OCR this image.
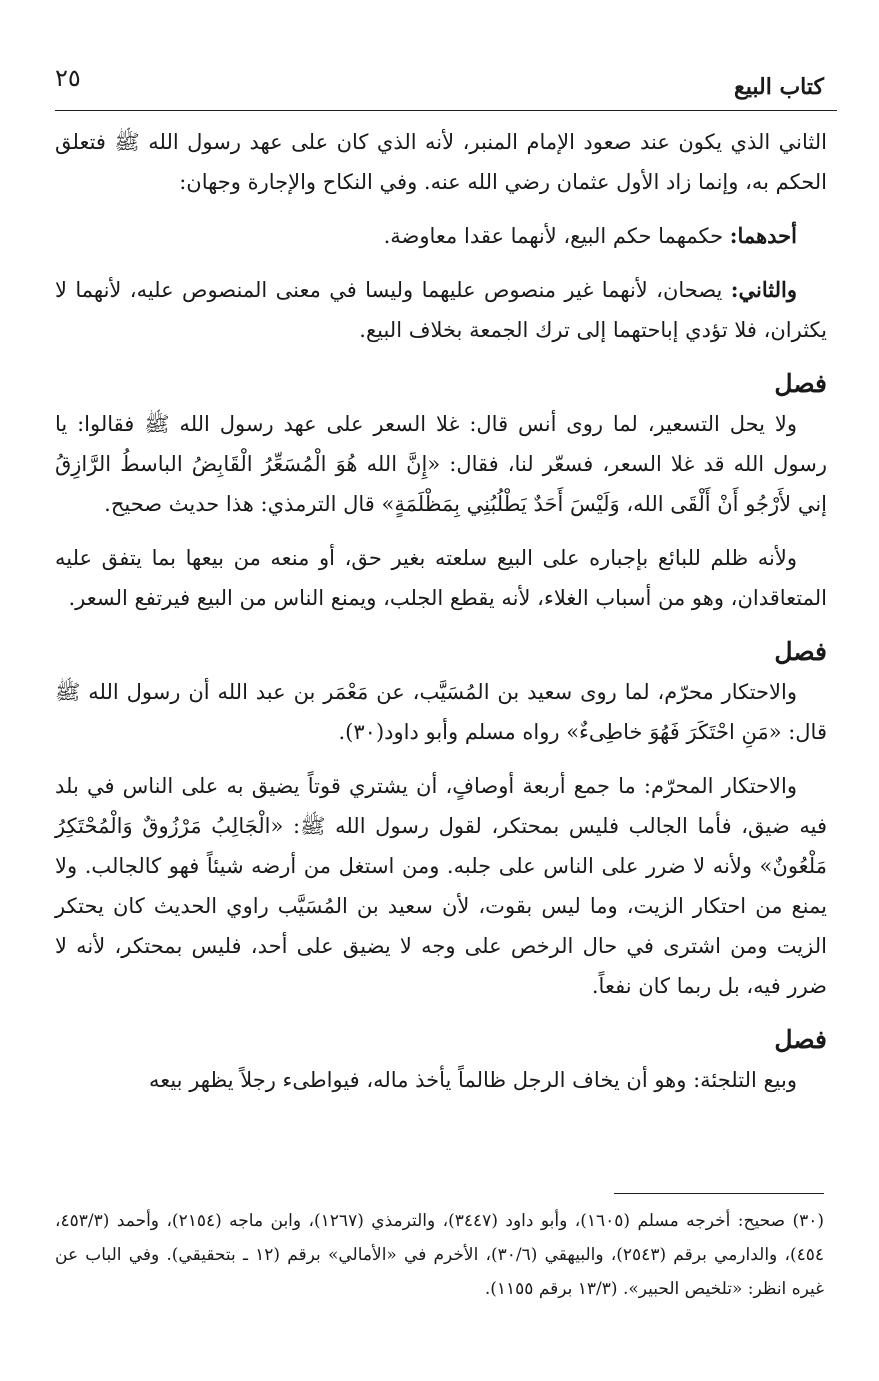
كتاب البيع
٢٥

الثاني الذي يكون عند صعود الإمام المنبر، لأنه الذي كان على عهد رسول الله ﷺ فتعلق الحكم به، وإنما زاد الأول عثمان رضي الله عنه. وفي النكاح والإجارة وجهان:

أحدهما: حكمهما حكم البيع، لأنهما عقدا معاوضة.

والثاني: يصحان، لأنهما غير منصوص عليهما وليسا في معنى المنصوص عليه، لأنهما لا يكثران، فلا تؤدي إباحتهما إلى ترك الجمعة بخلاف البيع.

فصل

ولا يحل التسعير، لما روى أنس قال: غلا السعر على عهد رسول الله ﷺ فقالوا: يا رسول الله قد غلا السعر، فسعّر لنا، فقال: «إِنَّ الله هُوَ الْمُسَعِّرُ الْقَابِضُ الباسطُ الرَّازِقُ إني لأَرْجُو أَنْ أَلْقَى الله، وَلَيْسَ أَحَدٌ يَطْلُبُنِي بِمَظْلَمَةٍ» قال الترمذي: هذا حديث صحيح.

ولأنه ظلم للبائع بإجباره على البيع سلعته بغير حق، أو منعه من بيعها بما يتفق عليه المتعاقدان، وهو من أسباب الغلاء، لأنه يقطع الجلب، ويمنع الناس من البيع فيرتفع السعر.

فصل

والاحتكار محرّم، لما روى سعيد بن المُسَيَّب، عن مَعْمَر بن عبد الله أن رسول الله ﷺ قال: «مَنِ احْتَكَرَ فَهُوَ خاطِىءٌ» رواه مسلم وأبو داود(٣٠).

والاحتكار المحرّم: ما جمع أربعة أوصافٍ، أن يشتري قوتاً يضيق به على الناس في بلد فيه ضيق، فأما الجالب فليس بمحتكر، لقول رسول الله ﷺ: «الْجَالِبُ مَرْزُوقٌ وَالْمُحْتَكِرُ مَلْعُونٌ» ولأنه لا ضرر على الناس على جلبه. ومن استغل من أرضه شيئاً فهو كالجالب. ولا يمنع من احتكار الزيت، وما ليس بقوت، لأن سعيد بن المُسَيَّب راوي الحديث كان يحتكر الزيت ومن اشترى في حال الرخص على وجه لا يضيق على أحد، فليس بمحتكر، لأنه لا ضرر فيه، بل ربما كان نفعاً.

فصل

وبيع التلجئة: وهو أن يخاف الرجل ظالماً يأخذ ماله، فيواطىء رجلاً يظهر بيعه

(٣٠) صحيح: أخرجه مسلم (١٦٠٥)، وأبو داود (٣٤٤٧)، والترمذي (١٢٦٧)، وابن ماجه (٢١٥٤)، وأحمد (٤٥٣/٣، ٤٥٤)، والدارمي برقم (٢٥٤٣)، والبيهقي (٣٠/٦)، الأخرم في «الأمالي» برقم (١٢ ـ بتحقيقي). وفي الباب عن غيره انظر: «تلخيص الحبير». (١٣/٣ برقم ١١٥٥).
